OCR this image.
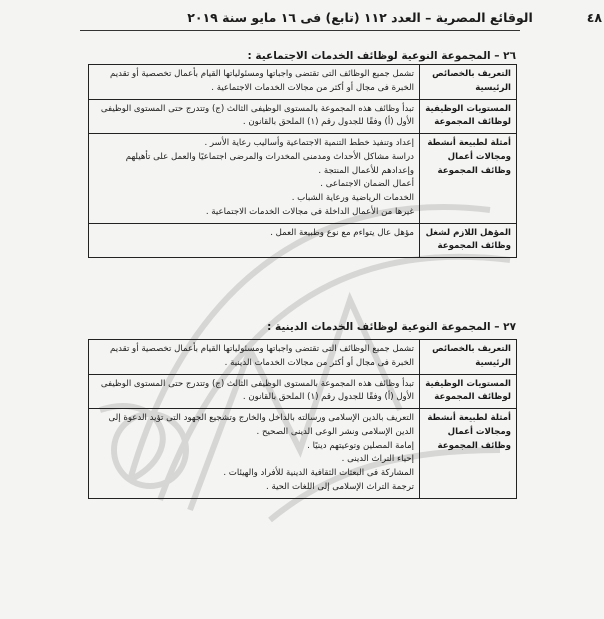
٤٨
الوقائع المصرية – العدد ١١٢ (تابع) فى ١٦ مايو سنة ٢٠١٩
٢٦ – المجموعة النوعية لوظائف الخدمات الاجتماعية :
التعريف بالخصائص الرئيسية	تشمل جميع الوظائف التى تقتضى واجباتها ومسئولياتها القيام بأعمال تخصصية أو تقديم الخبرة فى مجال أو أكثر من مجالات الخدمات الاجتماعية .
المستويات الوظيفية لوظائف المجموعة	تبدأ وظائف هذه المجموعة بالمستوى الوظيفى الثالث (ج) وتتدرج حتى المستوى الوظيفى الأول (أ) وفقًا للجدول رقم (١) الملحق بالقانون .
أمثلة لطبيعة أنشطة ومجالات أعمال وظائف المجموعة	إعداد وتنفيذ خطط التنمية الاجتماعية وأساليب رعاية الأسر .
دراسة مشاكل الأحداث ومدمنى المخدرات والمرضى اجتماعيًا والعمل على تأهيلهم وإعدادهم للأعمال المنتجة .
أعمال الضمان الاجتماعى .
الخدمات الرياضية ورعاية الشباب .
غيرها من الأعمال الداخلة فى مجالات الخدمات الاجتماعية .

المؤهل اللازم لشغل وظائف المجموعة	مؤهل عال يتواءم مع نوع وطبيعة العمل .
٢٧ – المجموعة النوعية لوظائف الخدمات الدينية :
التعريف بالخصائص الرئيسية	تشمل جميع الوظائف التى تقتضى واجباتها ومسئولياتها القيام بأعمال تخصصية أو تقديم الخبرة فى مجال أو أكثر من مجالات الخدمات الدينية .
المستويات الوظيفية لوظائف المجموعة	تبدأ وظائف هذه المجموعة بالمستوى الوظيفى الثالث (ج) وتتدرج حتى المستوى الوظيفى الأول (أ) وفقًا للجدول رقم (١) الملحق بالقانون .
أمثلة لطبيعة أنشطة ومجالات أعمال وظائف المجموعة	التعريف بالدين الإسلامى ورسالته بالداخل والخارج وتشجيع الجهود التى تؤيد الدعوة إلى الدين الإسلامى ونشر الوعى الدينى الصحيح .
إمامة المصلين وتوعيتهم دينيًا .
إحياء التراث الدينى .
المشاركة فى البعثات الثقافية الدينية للأفراد والهيئات .
ترجمة التراث الإسلامى إلى اللغات الحية .
